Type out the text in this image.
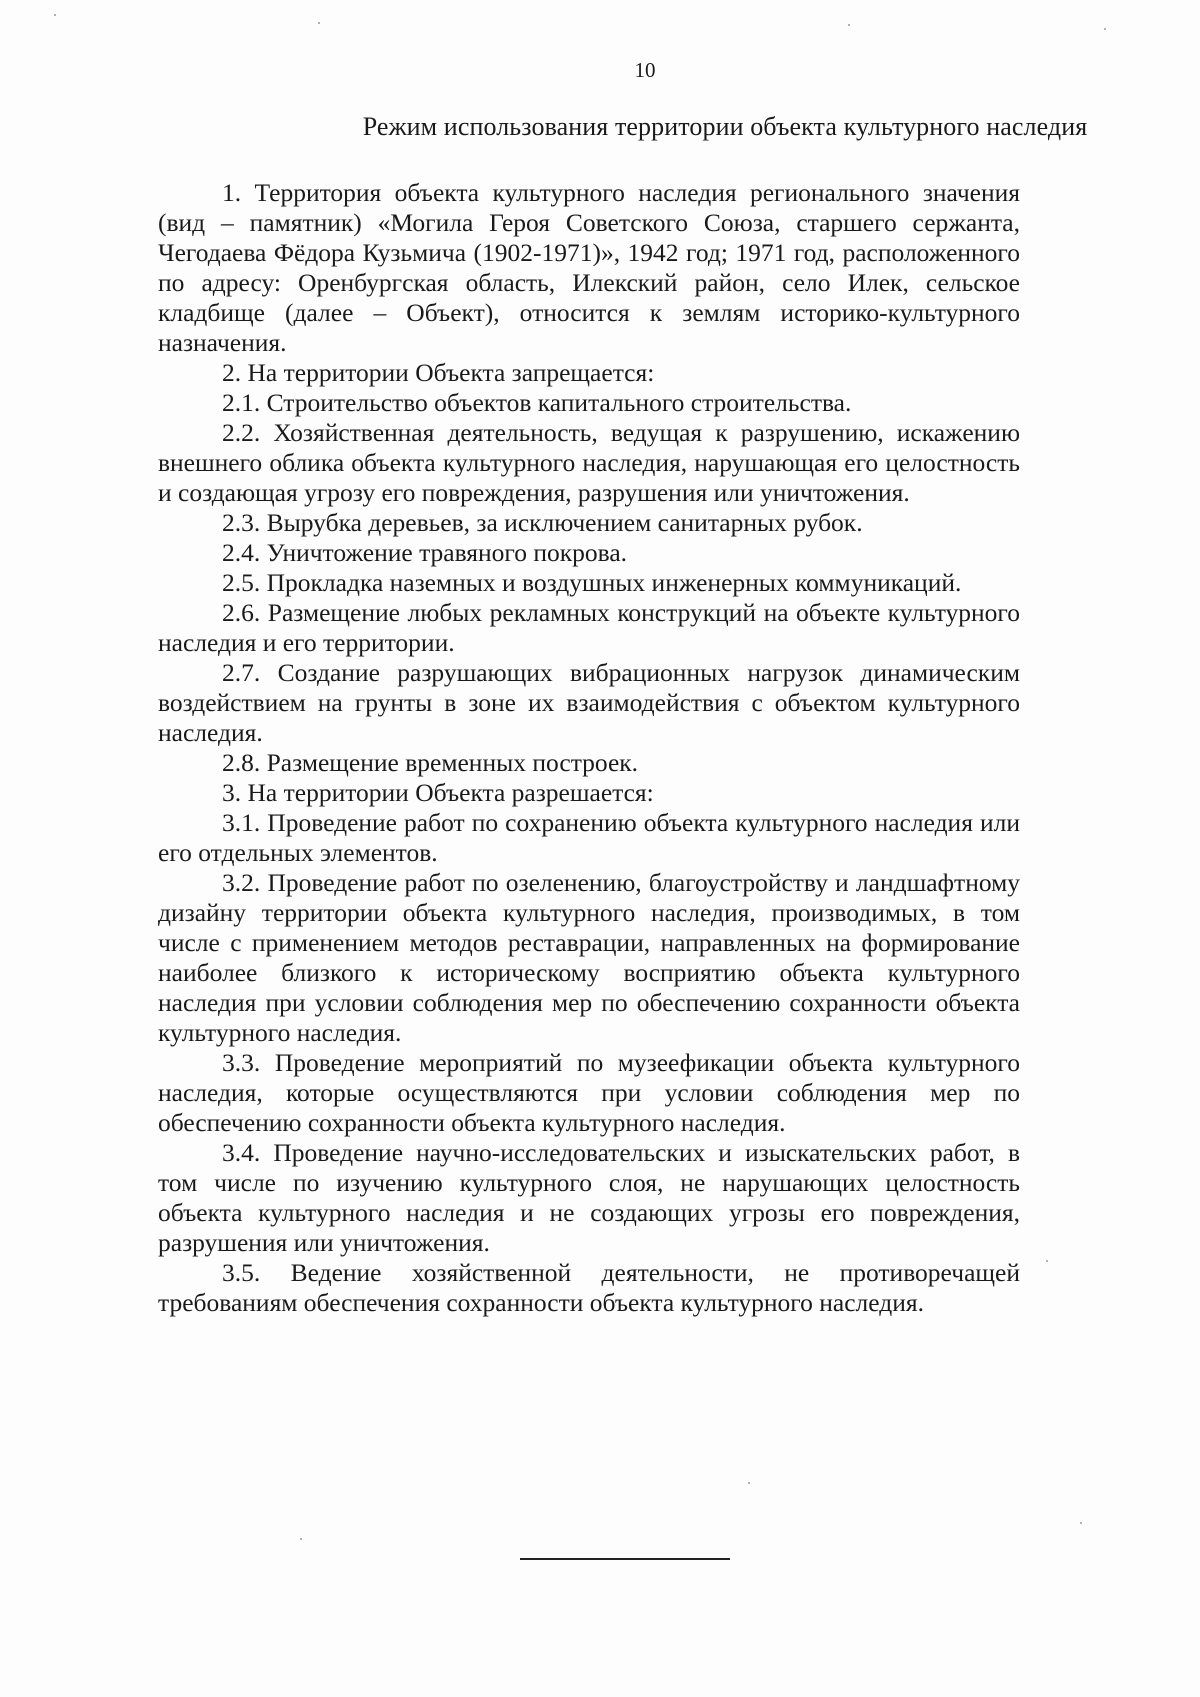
10
Режим использования территории объекта культурного наследия

1. Территория объекта культурного наследия регионального значения (вид – памятник) «Могила Героя Советского Союза, старшего сержанта, Чегодаева Фёдора Кузьмича (1902-1971)», 1942 год; 1971 год, расположенного по адресу: Оренбургская область, Илекский район, село Илек, сельское кладбище (далее – Объект), относится к землям историко-культурного назначения.

2. На территории Объекта запрещается:

2.1. Строительство объектов капитального строительства.

2.2. Хозяйственная деятельность, ведущая к разрушению, искажению внешнего облика объекта культурного наследия, нарушающая его целостность и создающая угрозу его повреждения, разрушения или уничтожения.

2.3. Вырубка деревьев, за исключением санитарных рубок.

2.4. Уничтожение травяного покрова.

2.5. Прокладка наземных и воздушных инженерных коммуникаций.

2.6. Размещение любых рекламных конструкций на объекте культурного наследия и его территории.

2.7. Создание разрушающих вибрационных нагрузок динамическим воздействием на грунты в зоне их взаимодействия с объектом культурного наследия.

2.8. Размещение временных построек.

3. На территории Объекта разрешается:

3.1. Проведение работ по сохранению объекта культурного наследия или его отдельных элементов.

3.2. Проведение работ по озеленению, благоустройству и ландшафтному дизайну территории объекта культурного наследия, производимых, в том числе с применением методов реставрации, направленных на формирование наиболее близкого к историческому восприятию объекта культурного наследия при условии соблюдения мер по обеспечению сохранности объекта культурного наследия.

3.3. Проведение мероприятий по музеефикации объекта культурного наследия, которые осуществляются при условии соблюдения мер по обеспечению сохранности объекта культурного наследия.

3.4. Проведение научно-исследовательских и изыскательских работ, в том числе по изучению культурного слоя, не нарушающих целостность объекта культурного наследия и не создающих угрозы его повреждения, разрушения или уничтожения.

3.5. Ведение хозяйственной деятельности, не противоречащей требованиям обеспечения сохранности объекта культурного наследия.
